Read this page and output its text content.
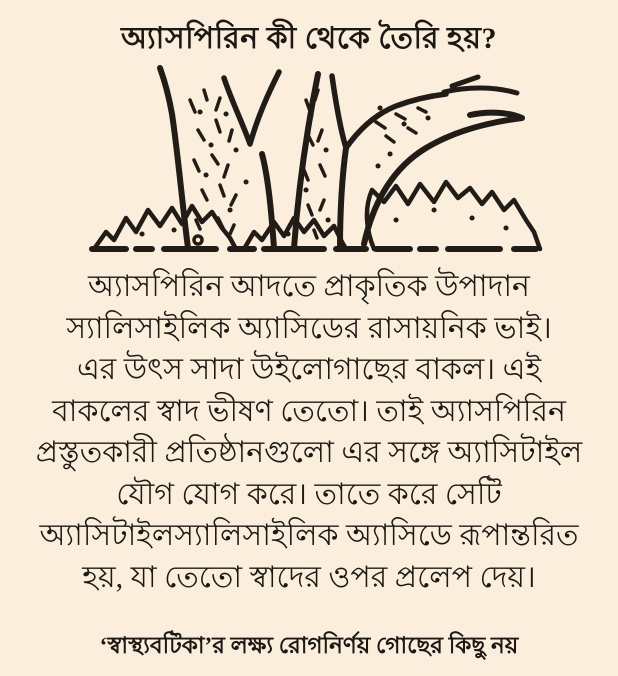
অ্যাসপিরিন কী থেকে তৈরি হয়?
অ্যাসপিরিন আদতে প্রাকৃতিক উপাদান
স্যালিসাইলিক অ্যাসিডের রাসায়নিক ভাই।
এর উৎস সাদা উইলোগাছের বাকল। এই
বাকলের স্বাদ ভীষণ তেতো। তাই অ্যাসপিরিন
প্রস্তুতকারী প্রতিষ্ঠানগুলো এর সঙ্গে অ্যাসিটাইল
যৌগ যোগ করে। তাতে করে সেটি
অ্যাসিটাইলস্যালিসাইলিক অ্যাসিডে রূপান্তরিত
হয়, যা তেতো স্বাদের ওপর প্রলেপ দেয়।
‘স্বাস্থ্যবটিকা’র লক্ষ্য রোগনির্ণয় গোছের কিছু নয়
